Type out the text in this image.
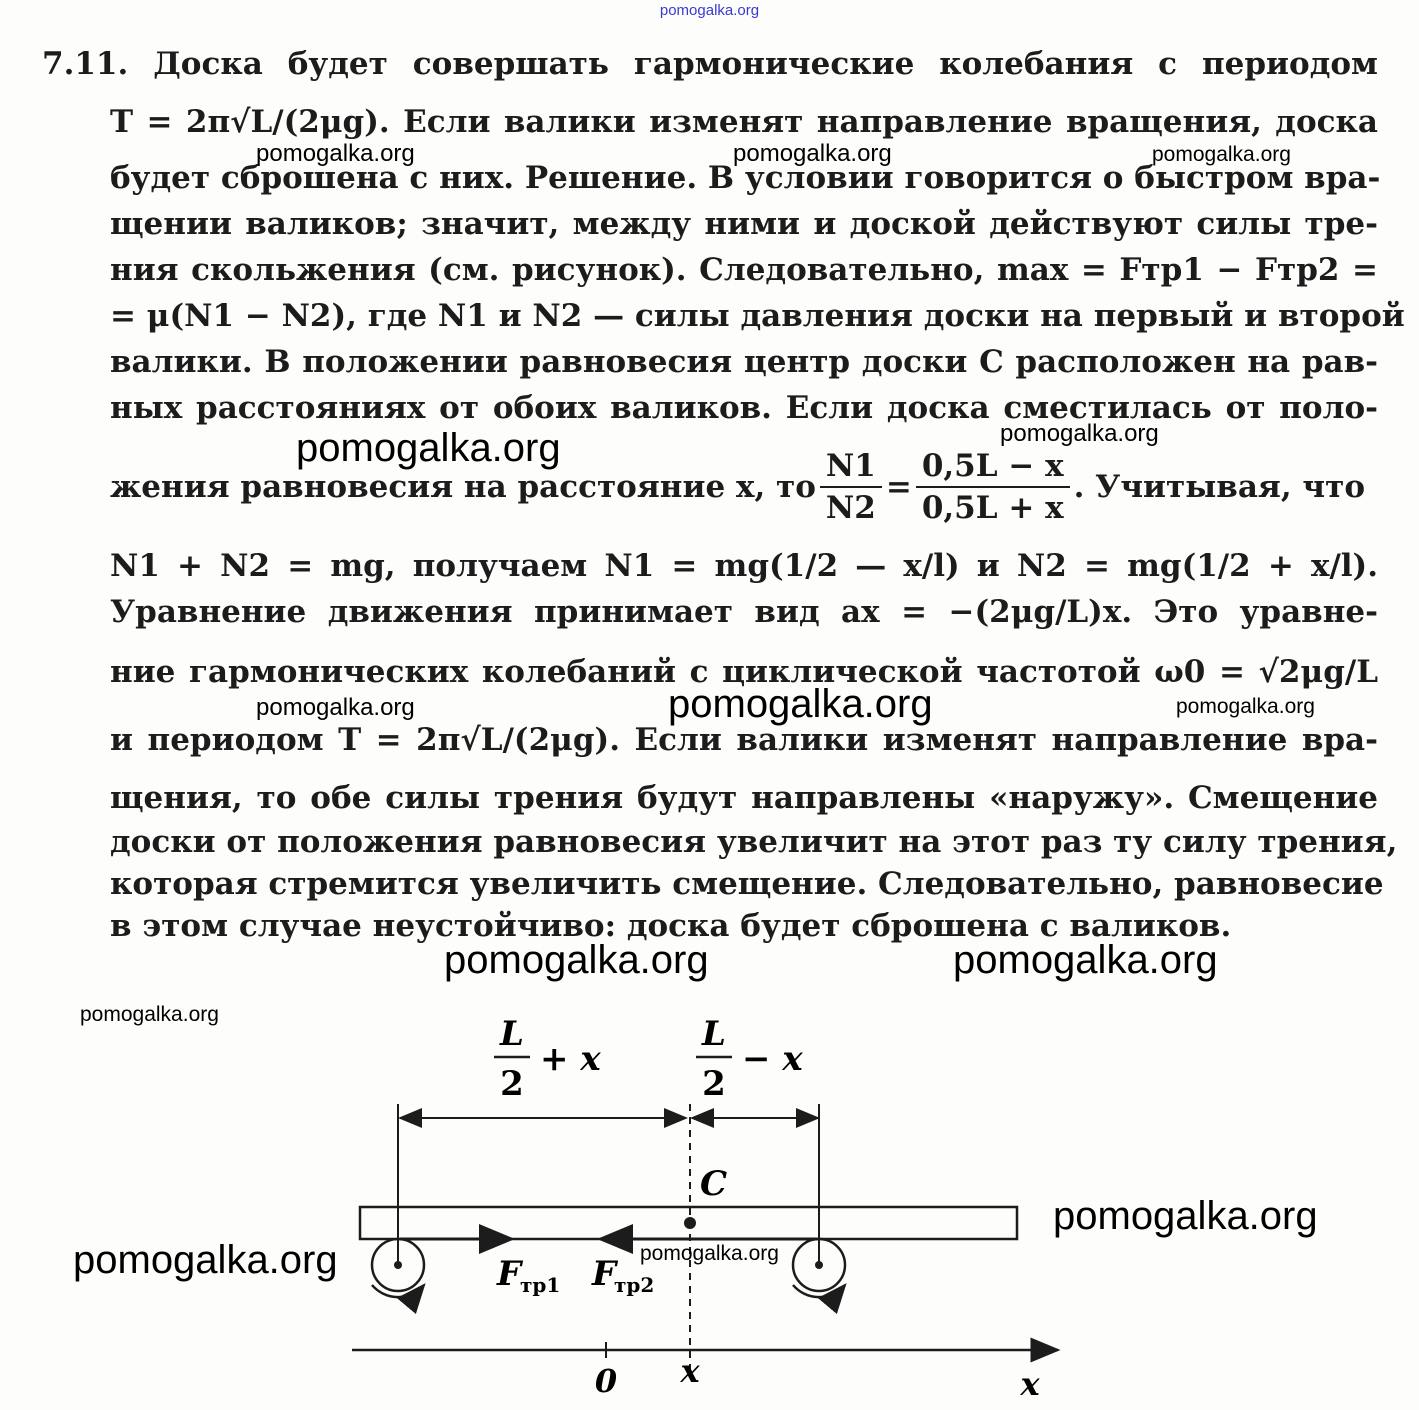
pomogalka.org
7.11. Доска будет совершать гармонические колебания с периодом
T = 2π√L/(2μg). Если валики изменят направление вращения, доска
будет сброшена с них. Решение. В условии говорится о быстром вра-
щении валиков; значит, между ними и доской действуют силы тре-
ния скольжения (см. рисунок). Следовательно, max = Fтр1 − Fтр2 =
= μ(N1 − N2), где N1 и N2 — силы давления доски на первый и второй
валики. В положении равновесия центр доски C расположен на рав-
ных расстояниях от обоих валиков. Если доска сместилась от поло-
жения равновесия на расстояние x, то $\frac{N1}{N2} = \frac{0,5L - x}{0,5L + x}$ . Учитывая, что
N1 + N2 = mg, получаем N1 = mg(1/2 — x/l) и N2 = mg(1/2 + x/l).
Уравнение движения принимает вид ax = −(2μg/L)x. Это уравне-
ние гармонических колебаний с циклической частотой ω0 = √2μg/L
и периодом T = 2π√L/(2μg). Если валики изменят направление вра-
щения, то обе силы трения будут направлены «наружу». Смещение
доски от положения равновесия увеличит на этот раз ту силу трения,
которая стремится увеличить смещение. Следовательно, равновесие
в этом случае неустойчиво: доска будет сброшена с валиков.
L
2
+ x
L
2
− x
C
F
тр1 F
тр2
0 x	x
pomogalka.org	pomogalka.org	pomogalka.org
pomogalka.org	pomogalka.org
pomogalka.org	pomogalka.org	pomogalka.org
pomogalka.org	pomogalka.org
pomogalka.org
pomogalka.org
pomogalka.org	pomogalka.org
